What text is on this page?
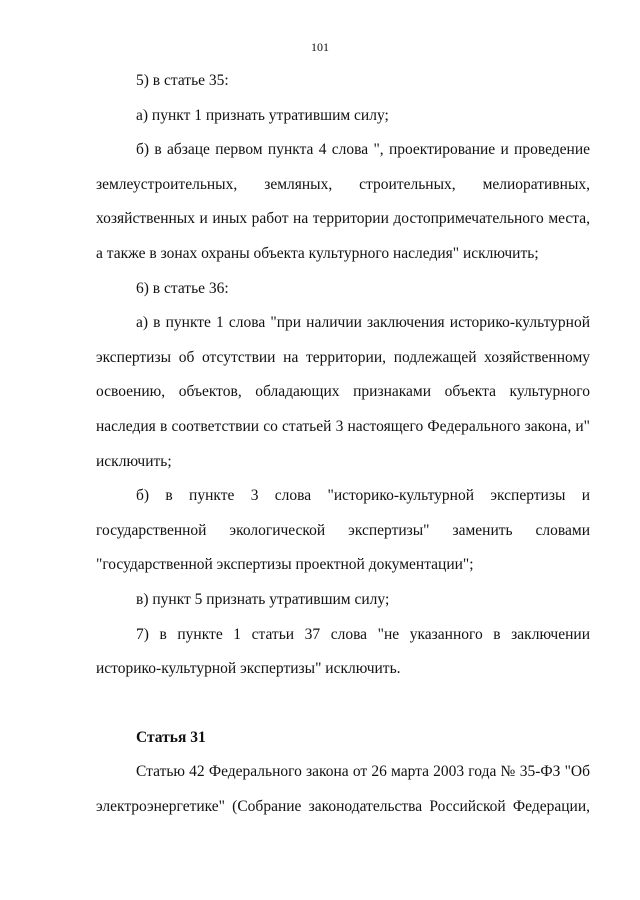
101

5) в статье 35:

а) пункт 1 признать утратившим силу;

б) в абзаце первом пункта 4 слова ", проектирование и проведение землеустроительных, земляных, строительных, мелиоративных, хозяйственных и иных работ на территории достопримечательного места, а также в зонах охраны объекта культурного наследия" исключить;

6) в статье 36:

а) в пункте 1 слова "при наличии заключения историко-культурной экспертизы об отсутствии на территории, подлежащей хозяйственному освоению, объектов, обладающих признаками объекта культурного наследия в соответствии со статьей 3 настоящего Федерального закона, и" исключить;

б) в пункте 3 слова "историко-культурной экспертизы и государственной экологической экспертизы" заменить словами "государственной экспертизы проектной документации";

в) пункт 5 признать утратившим силу;

7) в пункте 1 статьи 37 слова "не указанного в заключении историко-культурной экспертизы" исключить.

Статья 31

Статью 42 Федерального закона от 26 марта 2003 года № 35-ФЗ "Об электроэнергетике" (Собрание законодательства Российской Федерации,
